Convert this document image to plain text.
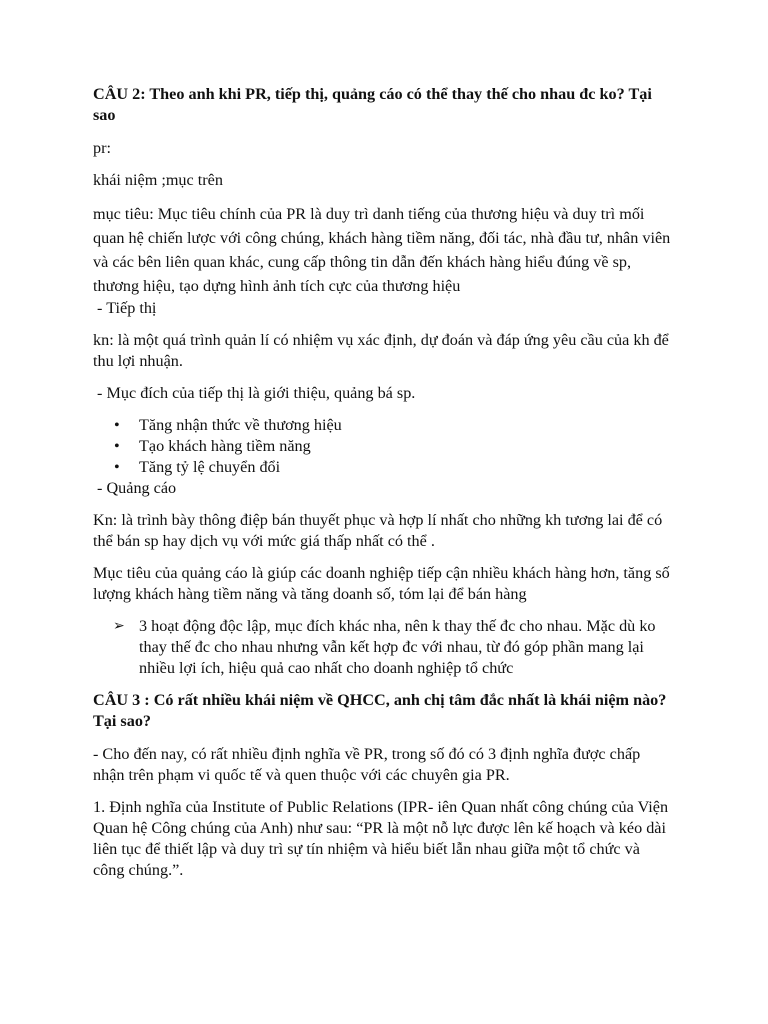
CÂU 2: Theo anh khi PR, tiếp thị, quảng cáo có thể thay thế cho nhau đc ko? Tại sao

pr:

khái niệm ;mục trên

mục tiêu: Mục tiêu chính của PR là duy trì danh tiếng của thương hiệu và duy trì mối quan hệ chiến lược với công chúng, khách hàng tiềm năng, đối tác, nhà đầu tư, nhân viên và các bên liên quan khác, cung cấp thông tin dẫn đến khách hàng hiểu đúng về sp, thương hiệu, tạo dựng hình ảnh tích cực của thương hiệu

- Tiếp thị

kn: là một quá trình quản lí có nhiệm vụ xác định, dự đoán và đáp ứng yêu cầu của kh để thu lợi nhuận.

- Mục đích của tiếp thị là giới thiệu, quảng bá sp.

• Tăng nhận thức về thương hiệu
• Tạo khách hàng tiềm năng
• Tăng tỷ lệ chuyển đổi

- Quảng cáo

Kn: là trình bày thông điệp bán thuyết phục và hợp lí nhất cho những kh tương lai để có thể bán sp hay dịch vụ với mức giá thấp nhất có thể .

Mục tiêu của quảng cáo là giúp các doanh nghiệp tiếp cận nhiều khách hàng hơn, tăng số lượng khách hàng tiềm năng và tăng doanh số, tóm lại để bán hàng

➢ 3 hoạt động độc lập, mục đích khác nha, nên k thay thế đc cho nhau. Mặc dù ko thay thế đc cho nhau nhưng vẫn kết hợp đc với nhau, từ đó góp phần mang lại nhiều lợi ích, hiệu quả cao nhất cho doanh nghiệp tổ chức

CÂU 3 : Có rất nhiều khái niệm về QHCC, anh chị tâm đắc nhất là khái niệm nào? Tại sao?

- Cho đến nay, có rất nhiều định nghĩa về PR, trong số đó có 3 định nghĩa được chấp nhận trên phạm vi quốc tế và quen thuộc với các chuyên gia PR.

1. Định nghĩa của Institute of Public Relations (IPR- iên Quan nhất công chúng của Viện Quan hệ Công chúng của Anh) như sau: “PR là một nỗ lực được lên kế hoạch và kéo dài liên tục để thiết lập và duy trì sự tín nhiệm và hiểu biết lẫn nhau giữa một tổ chức và công chúng.”.
